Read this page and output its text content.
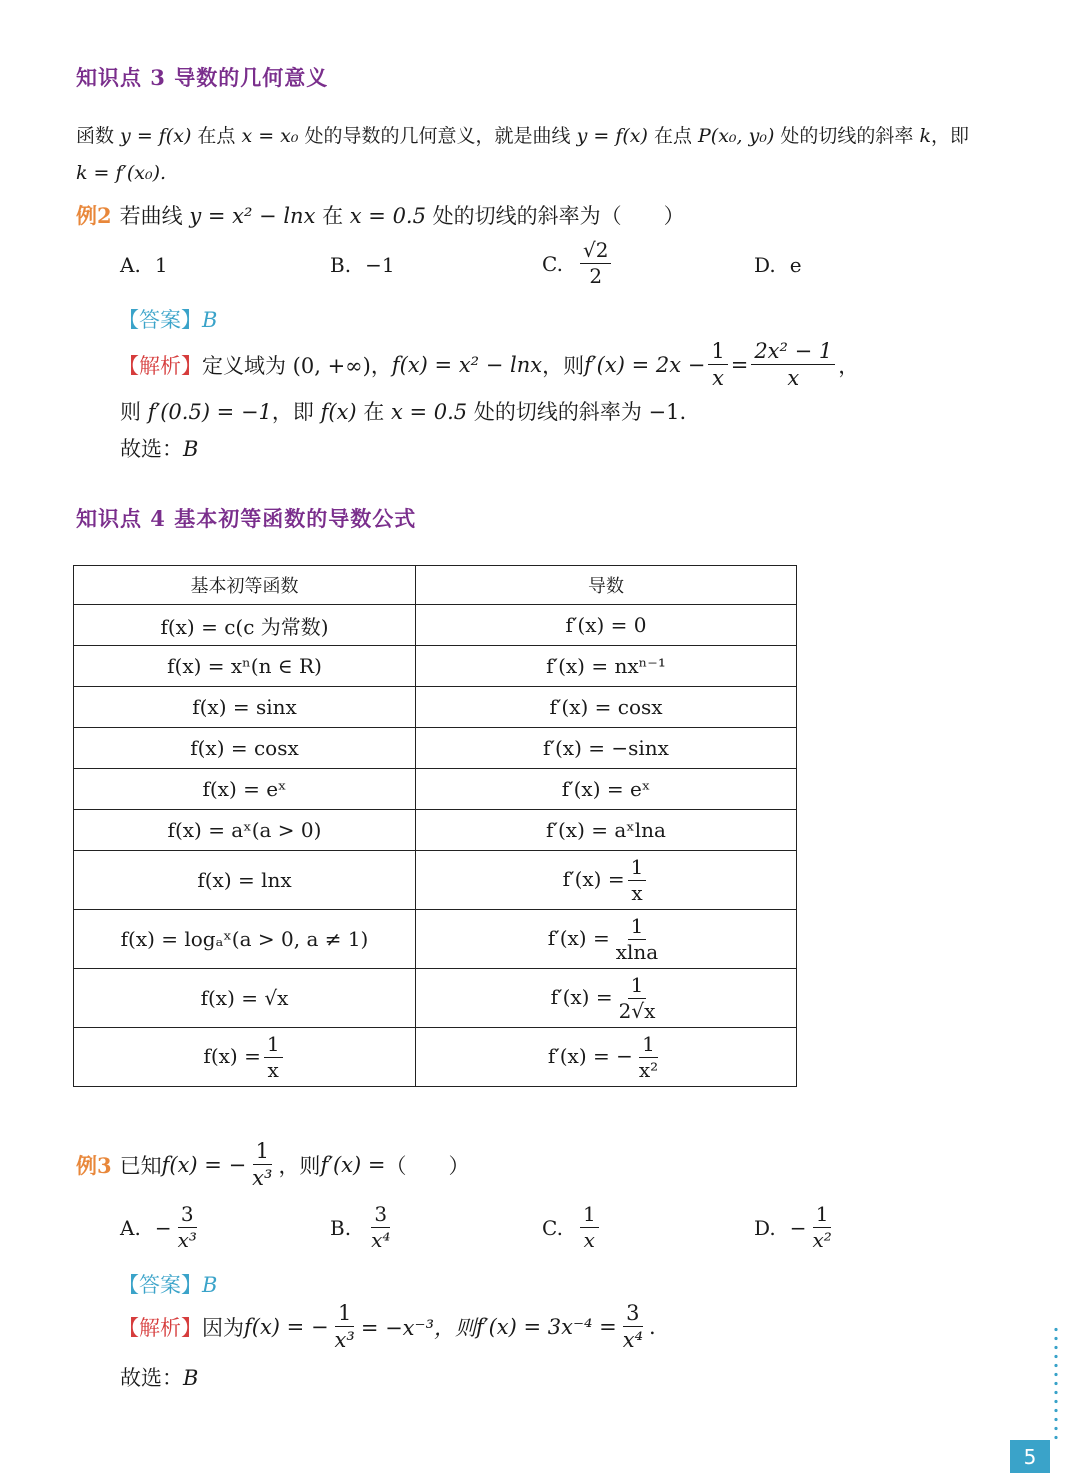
知识点 3 导数的几何意义
函数 y = f(x) 在点 x = x₀ 处的导数的几何意义，就是曲线 y = f(x) 在点 P(x₀, y₀) 处的切线的斜率 k，即
k = f′(x₀).
例2 若曲线 y = x² − lnx 在 x = 0.5 处的切线的斜率为（　　）
A. 1	B. −1	C. $\frac{√2}{2}$	D. e
【答案】B
【解析】 定义域为 (0, +∞)， f(x) = x² − lnx ，则 $f'(x) = 2x - \frac{1}{x} = \frac{\text{2x² − 1}}{x}$ ，
则 f′(0.5) = −1，即 f(x) 在 x = 0.5 处的切线的斜率为 −1.
故选：B
知识点 4 基本初等函数的导数公式
基本初等函数	导数
f(x) = c(c 为常数)	f′(x) = 0
f(x) = xⁿ(n ∈ R)	f′(x) = nxⁿ⁻¹
f(x) = sinx	f′(x) = cosx
f(x) = cosx	f′(x) = −sinx
f(x) = eˣ	f′(x) = eˣ
f(x) = aˣ(a > 0)	f′(x) = aˣlna
f(x) = lnx	$f'(x) = \frac{1}{x}$

f(x) = logₐˣ(a > 0, a ≠ 1)	$f'(x) = \frac{1}{xlna}$

f(x) = √x	$f'(x) = \frac{1}{2√x}$

$f(x) = \frac{1}{x}$	f′(x) = − $\frac{1}{\text{x²}}$
例3 已知 f(x) = − $\frac{1}{\text{x³}}$ ，则 f′(x) = （　　）
A. − $\frac{3}{\text{x³}}$	B. $\frac{3}{\text{x⁴}}$	C. $\frac{1}{x}$	D. − $\frac{1}{\text{x²}}$
【答案】B
【解析】 因为 f(x) = − $\frac{1}{\text{x³}} = -x^{-3}$，则 $f'(x) = 3x^{-4} = \frac{3}{\text{x⁴}}$ .
故选：B
5
